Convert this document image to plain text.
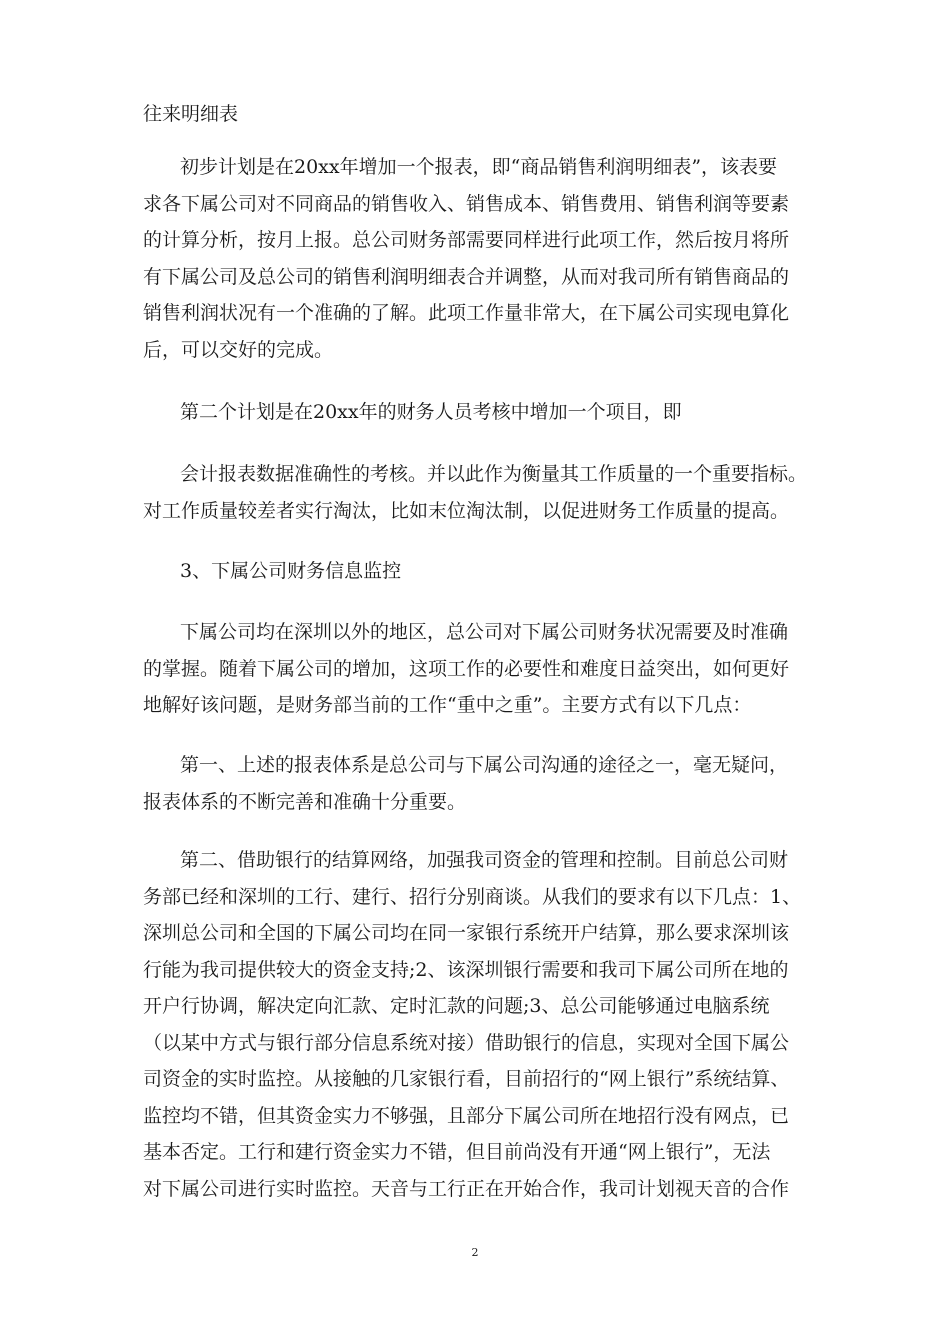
往来明细表
初步计划是在20xx年增加一个报表，即“商品销售利润明细表”，该表要
求各下属公司对不同商品的销售收入、销售成本、销售费用、销售利润等要素
的计算分析，按月上报。总公司财务部需要同样进行此项工作，然后按月将所
有下属公司及总公司的销售利润明细表合并调整，从而对我司所有销售商品的
销售利润状况有一个准确的了解。此项工作量非常大，在下属公司实现电算化
后，可以交好的完成。
第二个计划是在20xx年的财务人员考核中增加一个项目，即
会计报表数据准确性的考核。并以此作为衡量其工作质量的一个重要指标。
对工作质量较差者实行淘汰，比如末位淘汰制，以促进财务工作质量的提高。
3、下属公司财务信息监控
下属公司均在深圳以外的地区，总公司对下属公司财务状况需要及时准确
的掌握。随着下属公司的增加，这项工作的必要性和难度日益突出，如何更好
地解好该问题，是财务部当前的工作“重中之重”。主要方式有以下几点：
第一、上述的报表体系是总公司与下属公司沟通的途径之一，毫无疑问，
报表体系的不断完善和准确十分重要。
第二、借助银行的结算网络，加强我司资金的管理和控制。目前总公司财
务部已经和深圳的工行、建行、招行分别商谈。从我们的要求有以下几点：1、
深圳总公司和全国的下属公司均在同一家银行系统开户结算，那么要求深圳该
行能为我司提供较大的资金支持;2、该深圳银行需要和我司下属公司所在地的
开户行协调，解决定向汇款、定时汇款的问题;3、总公司能够通过电脑系统
（以某中方式与银行部分信息系统对接）借助银行的信息，实现对全国下属公
司资金的实时监控。从接触的几家银行看，目前招行的“网上银行”系统结算、
监控均不错，但其资金实力不够强，且部分下属公司所在地招行没有网点，已
基本否定。工行和建行资金实力不错，但目前尚没有开通“网上银行”，无法
对下属公司进行实时监控。天音与工行正在开始合作，我司计划视天音的合作
2
